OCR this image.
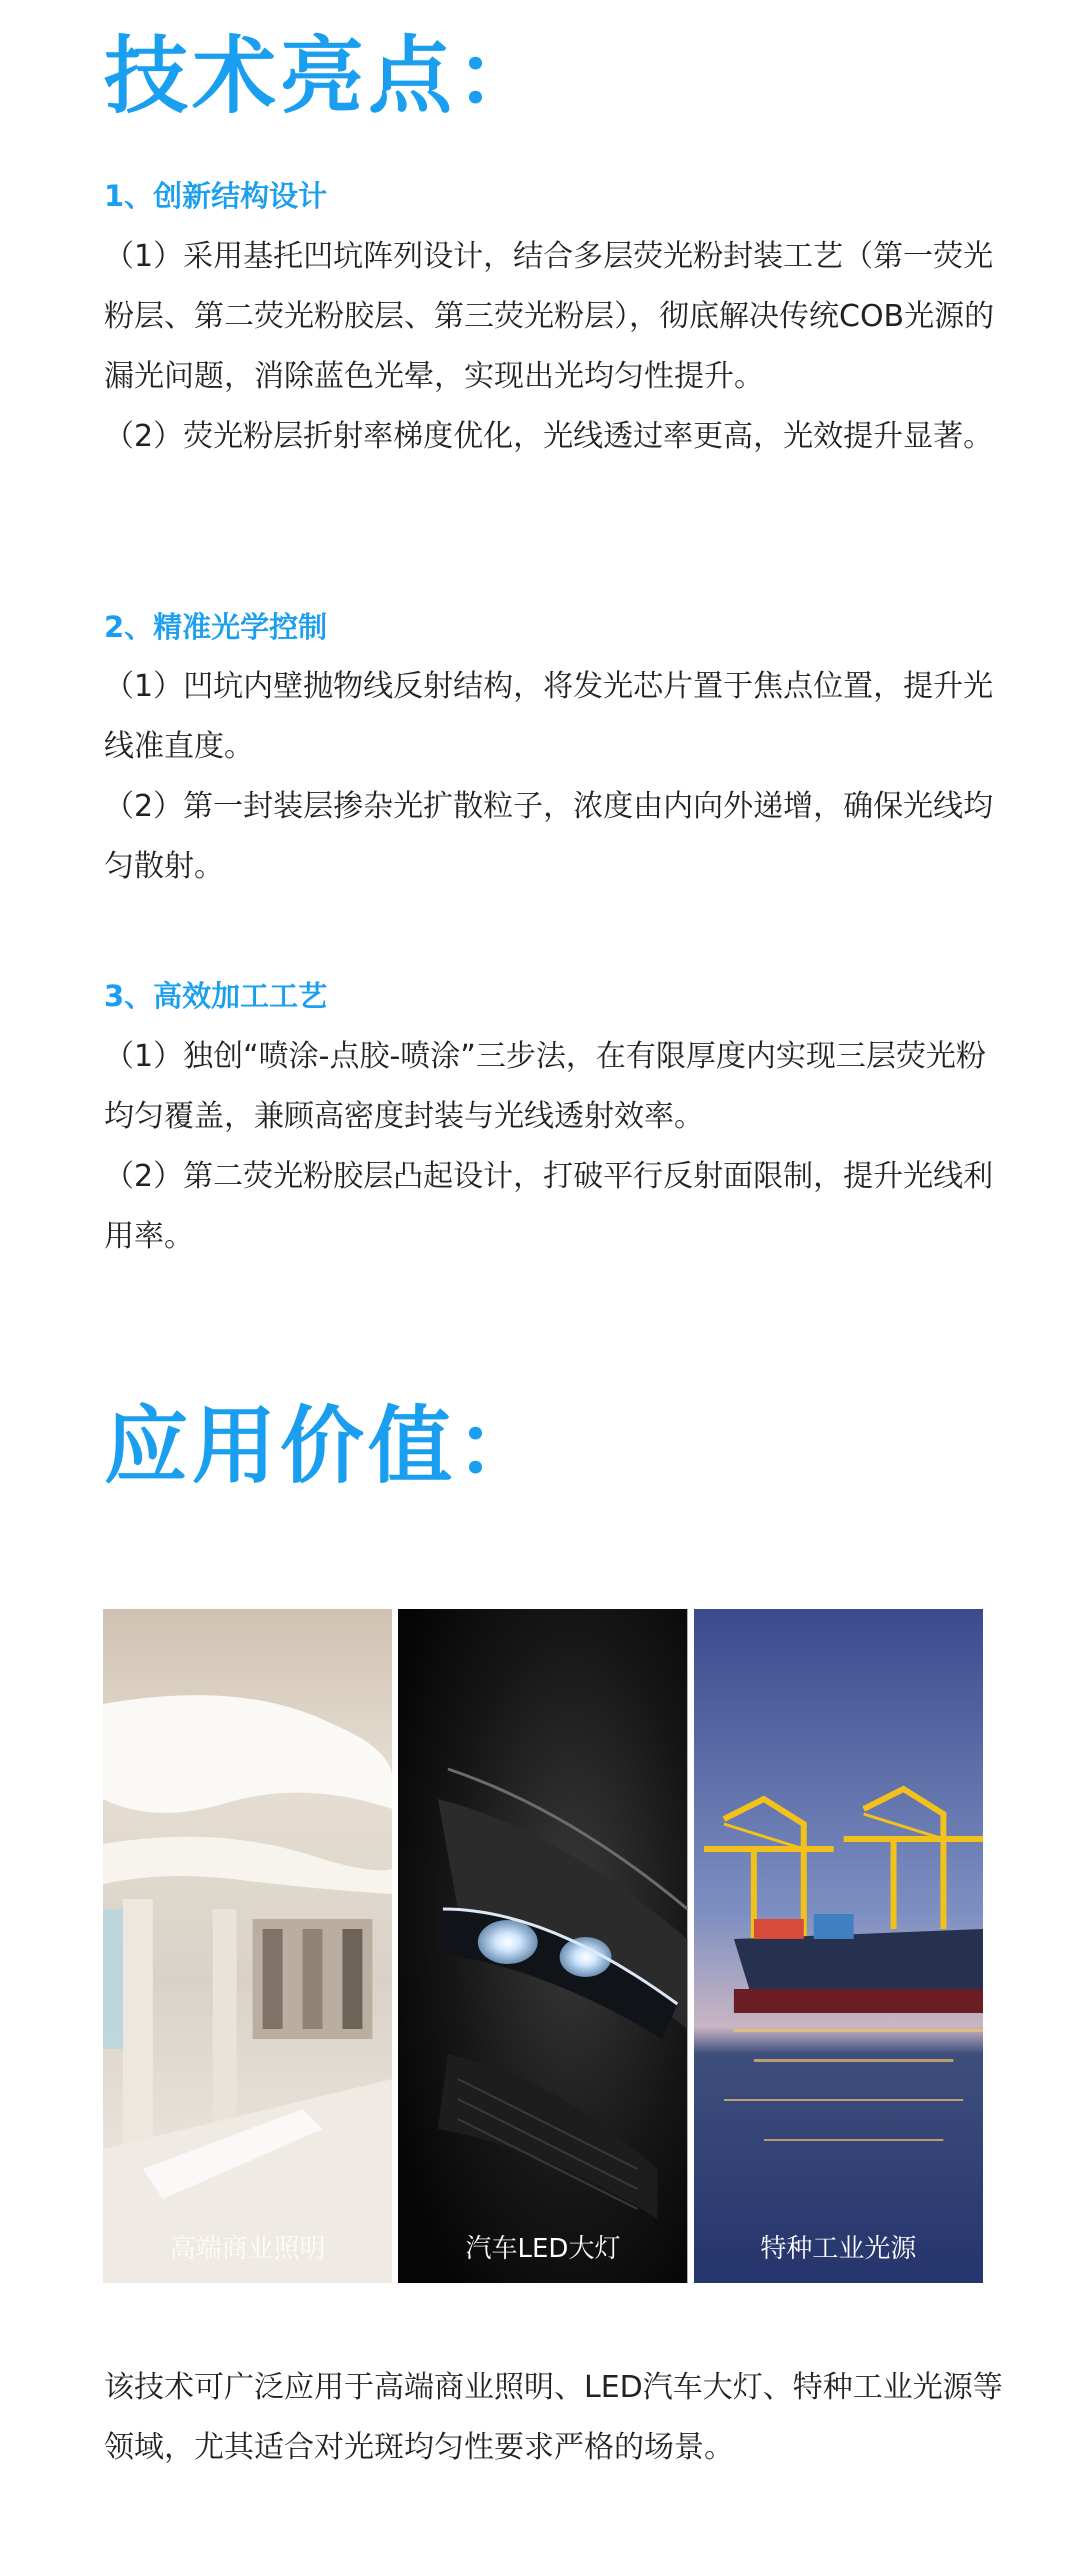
技术亮点：
1、创新结构设计

（1）采用基托凹坑阵列设计，结合多层荧光粉封装工艺（第一荧光粉层、第二荧光粉胶层、第三荧光粉层），彻底解决传统COB光源的漏光问题，消除蓝色光晕，实现出光均匀性提升。

（2）荧光粉层折射率梯度优化，光线透过率更高，光效提升显著。

2、精准光学控制

（1）凹坑内壁抛物线反射结构，将发光芯片置于焦点位置，提升光线准直度。

（2）第一封装层掺杂光扩散粒子，浓度由内向外递增，确保光线均匀散射。

3、高效加工工艺

（1）独创“喷涂-点胶-喷涂”三步法，在有限厚度内实现三层荧光粉均匀覆盖，兼顾高密度封装与光线透射效率。

（2）第二荧光粉胶层凸起设计，打破平行反射面限制，提升光线利用率。

应用价值：
高端商业照明	汽车LED大灯	特种工业光源

该技术可广泛应用于高端商业照明、LED汽车大灯、特种工业光源等领域，尤其适合对光斑均匀性要求严格的场景。
